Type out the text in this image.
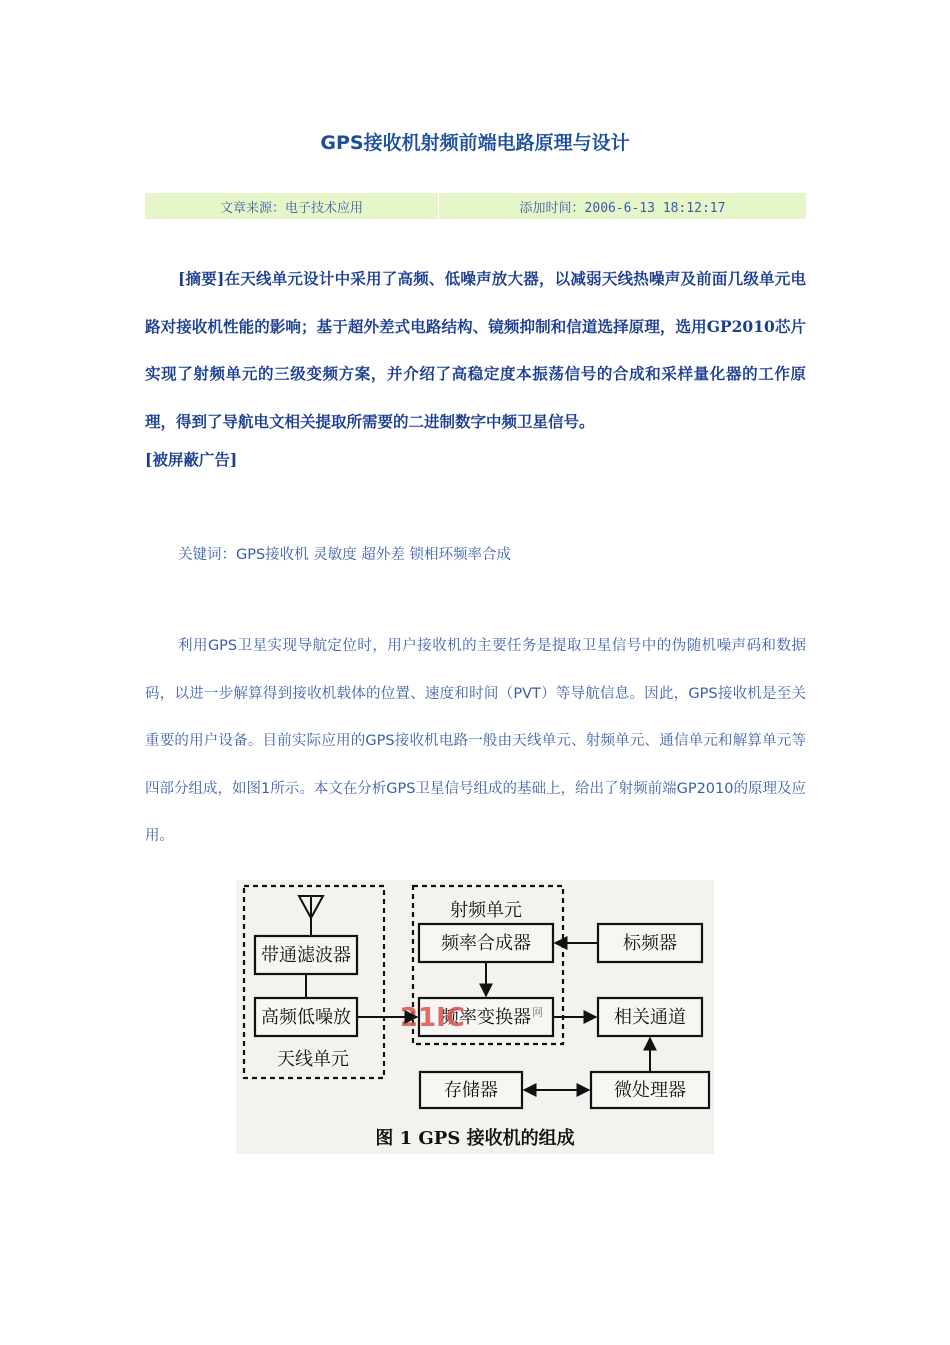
GPS接收机射频前端电路原理与设计
文章来源：电子技术应用	添加时间：2006-6-13 18:12:17

[摘要]在天线单元设计中采用了高频、低噪声放大器，以减弱天线热噪声及前面几级单元电路对接收机性能的影响；基于超外差式电路结构、镜频抑制和信道选择原理，选用GP2010芯片实现了射频单元的三级变频方案，并介绍了高稳定度本振荡信号的合成和采样量化器的工作原理，得到了导航电文相关提取所需要的二进制数字中频卫星信号。

[被屏蔽广告]
关键词：GPS接收机 灵敏度 超外差 锁相环频率合成

利用GPS卫星实现导航定位时，用户接收机的主要任务是提取卫星信号中的伪随机噪声码和数据码，以进一步解算得到接收机载体的位置、速度和时间（PVT）等导航信息。因此，GPS接收机是至关重要的用户设备。目前实际应用的GPS接收机电路一般由天线单元、射频单元、通信单元和解算单元等四部分组成，如图1所示。本文在分析GPS卫星信号组成的基础上，给出了射频前端GP2010的原理及应用。

带通滤波器
高频低噪放
天线单元
射频单元
频率合成器
频率变换器
21IC	网
标频器
相关通道
存储器	微处理器
图 1 GPS 接收机的组成
